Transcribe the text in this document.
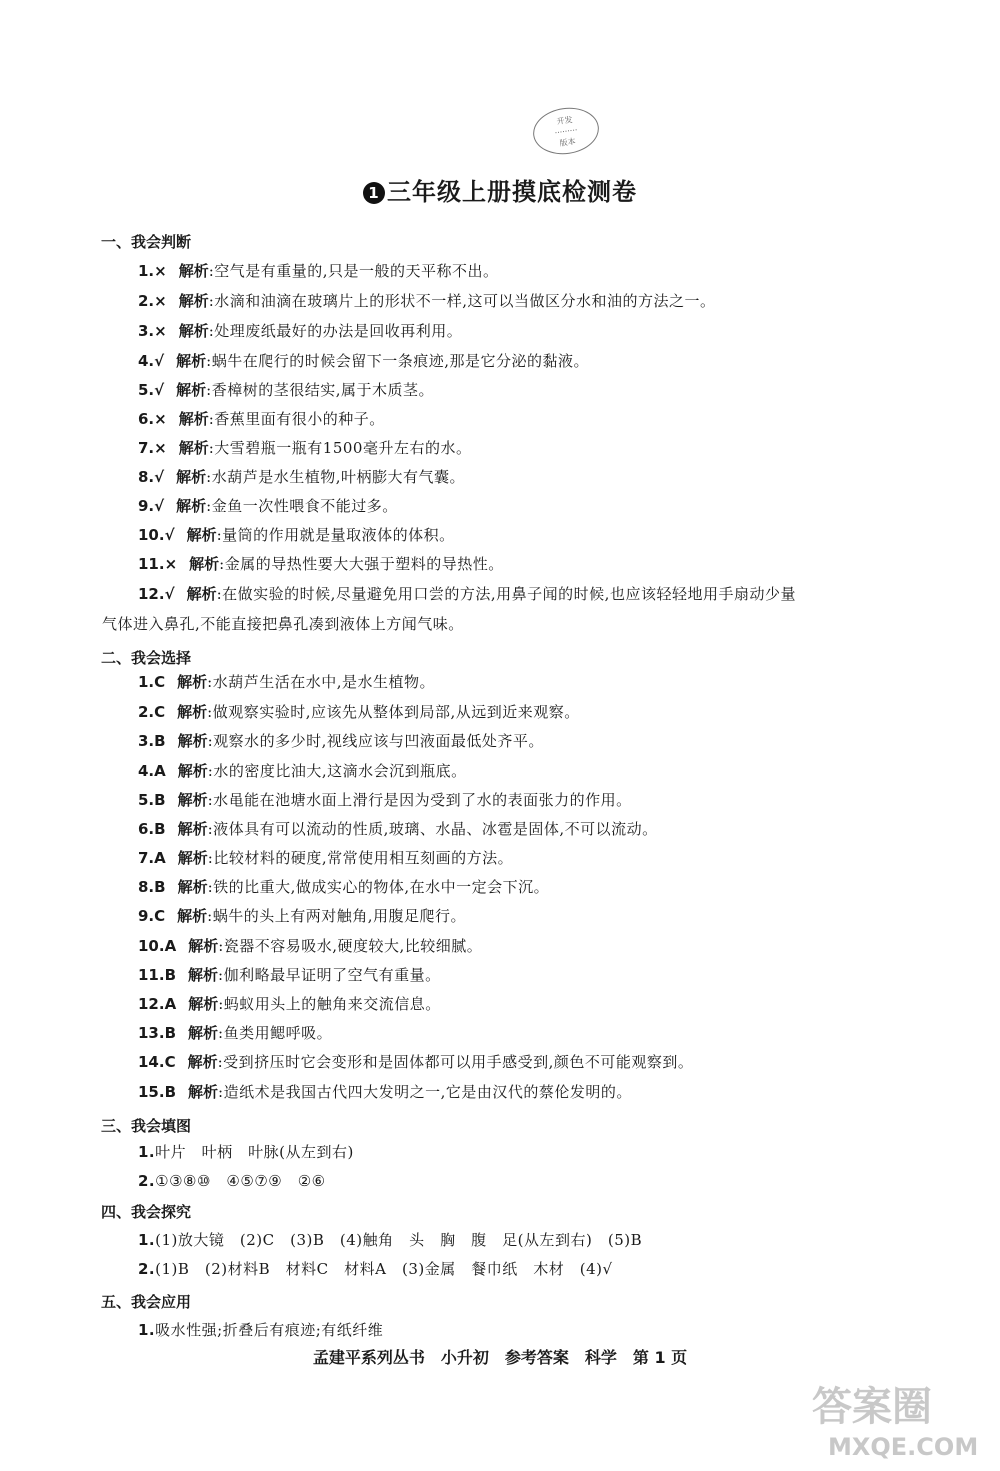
开发
·········
版本
1 三年级上册摸底检测卷
一、我会判断
1.× 解析:空气是有重量的,只是一般的天平称不出。
2.× 解析:水滴和油滴在玻璃片上的形状不一样,这可以当做区分水和油的方法之一。
3.× 解析:处理废纸最好的办法是回收再利用。
4.√ 解析:蜗牛在爬行的时候会留下一条痕迹,那是它分泌的黏液。
5.√ 解析:香樟树的茎很结实,属于木质茎。
6.× 解析:香蕉里面有很小的种子。
7.× 解析:大雪碧瓶一瓶有1500毫升左右的水。
8.√ 解析:水葫芦是水生植物,叶柄膨大有气囊。
9.√ 解析:金鱼一次性喂食不能过多。
10.√ 解析:量筒的作用就是量取液体的体积。
11.× 解析:金属的导热性要大大强于塑料的导热性。
12.√ 解析:在做实验的时候,尽量避免用口尝的方法,用鼻子闻的时候,也应该轻轻地用手扇动少量
气体进入鼻孔,不能直接把鼻孔凑到液体上方闻气味。
二、我会选择
1.C 解析:水葫芦生活在水中,是水生植物。
2.C 解析:做观察实验时,应该先从整体到局部,从远到近来观察。
3.B 解析:观察水的多少时,视线应该与凹液面最低处齐平。
4.A 解析:水的密度比油大,这滴水会沉到瓶底。
5.B 解析:水黾能在池塘水面上滑行是因为受到了水的表面张力的作用。
6.B 解析:液体具有可以流动的性质,玻璃、水晶、冰雹是固体,不可以流动。
7.A 解析:比较材料的硬度,常常使用相互刻画的方法。
8.B 解析:铁的比重大,做成实心的物体,在水中一定会下沉。
9.C 解析:蜗牛的头上有两对触角,用腹足爬行。
10.A 解析:瓷器不容易吸水,硬度较大,比较细腻。
11.B 解析:伽利略最早证明了空气有重量。
12.A 解析:蚂蚁用头上的触角来交流信息。
13.B 解析:鱼类用鳃呼吸。
14.C 解析:受到挤压时它会变形和是固体都可以用手感受到,颜色不可能观察到。
15.B 解析:造纸术是我国古代四大发明之一,它是由汉代的蔡伦发明的。
三、我会填图
1.叶片　叶柄　叶脉(从左到右)
2.①③⑧⑩　④⑤⑦⑨　②⑥
四、我会探究
1.(1)放大镜　(2)C　(3)B　(4)触角　头　胸　腹　足(从左到右)　(5)B
2.(1)B　(2)材料B　材料C　材料A　(3)金属　餐巾纸　木材　(4)√
五、我会应用
1.吸水性强;折叠后有痕迹;有纸纤维
孟建平系列丛书 小升初 参考答案 科学 第 1 页
答案圈
MXQE.COM
